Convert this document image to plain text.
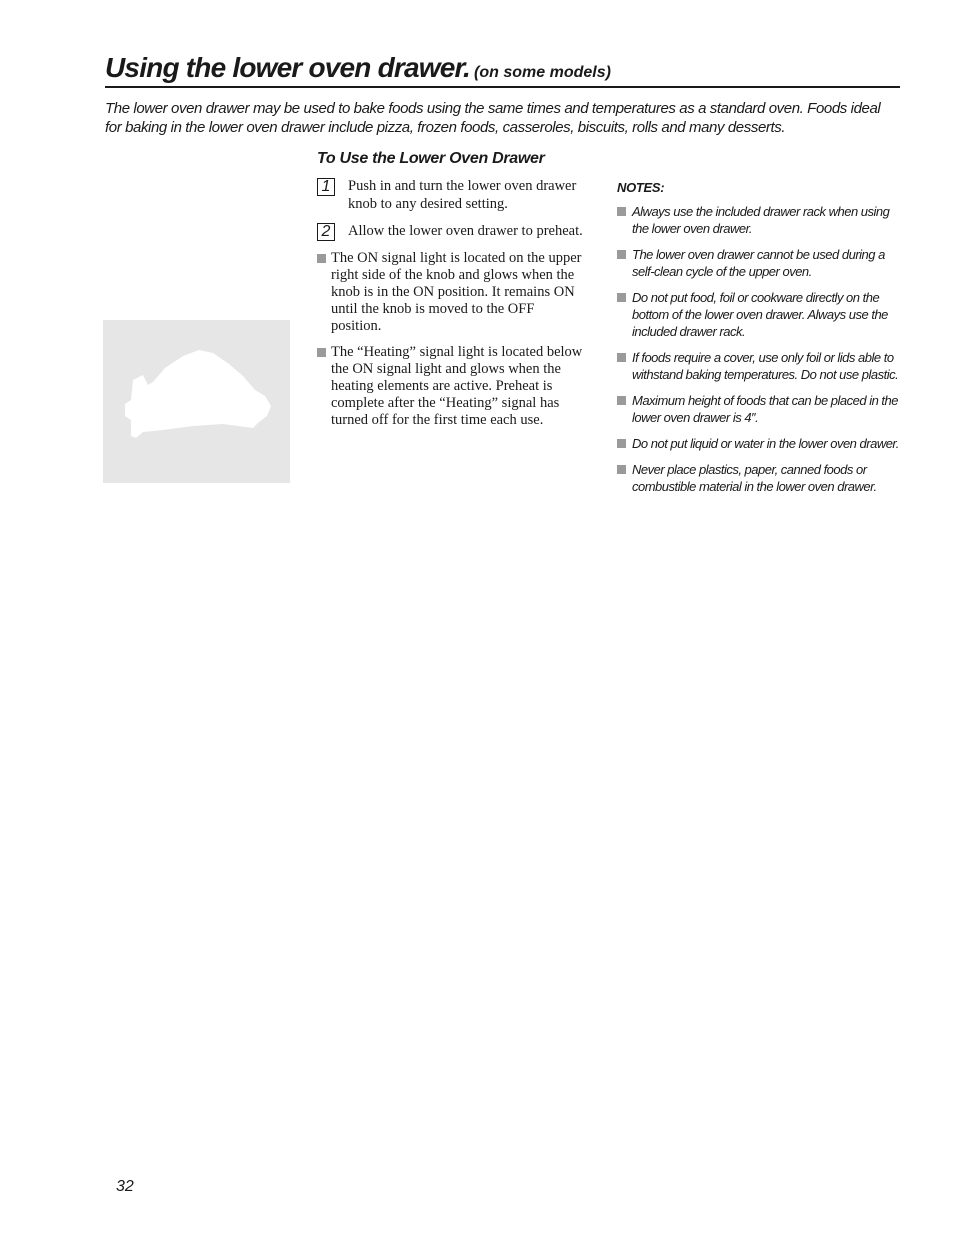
Using the lower oven drawer. (on some models)

The lower oven drawer may be used to bake foods using the same times and temperatures as a standard oven. Foods ideal for baking in the lower oven drawer include pizza, frozen foods, casseroles, biscuits, rolls and many desserts.

To Use the Lower Oven Drawer
1	Push in and turn the lower oven drawer knob to any desired setting.
2	Allow the lower oven drawer to preheat.
The ON signal light is located on the upper right side of the knob and glows when the knob is in the ON position. It remains ON until the knob is moved to the OFF position.
The “Heating” signal light is located below the ON signal light and glows when the heating elements are active. Preheat is complete after the “Heating” signal has turned off for the first time each use.
NOTES:
Always use the included drawer rack when using the lower oven drawer.
The lower oven drawer cannot be used during a self-clean cycle of the upper oven.
Do not put food, foil or cookware directly on the bottom of the lower oven drawer. Always use the included drawer rack.
If foods require a cover, use only foil or lids able to withstand baking temperatures. Do not use plastic.
Maximum height of foods that can be placed in the lower oven drawer is 4″.
Do not put liquid or water in the lower oven drawer.
Never place plastics, paper, canned foods or combustible material in the lower oven drawer.
32
